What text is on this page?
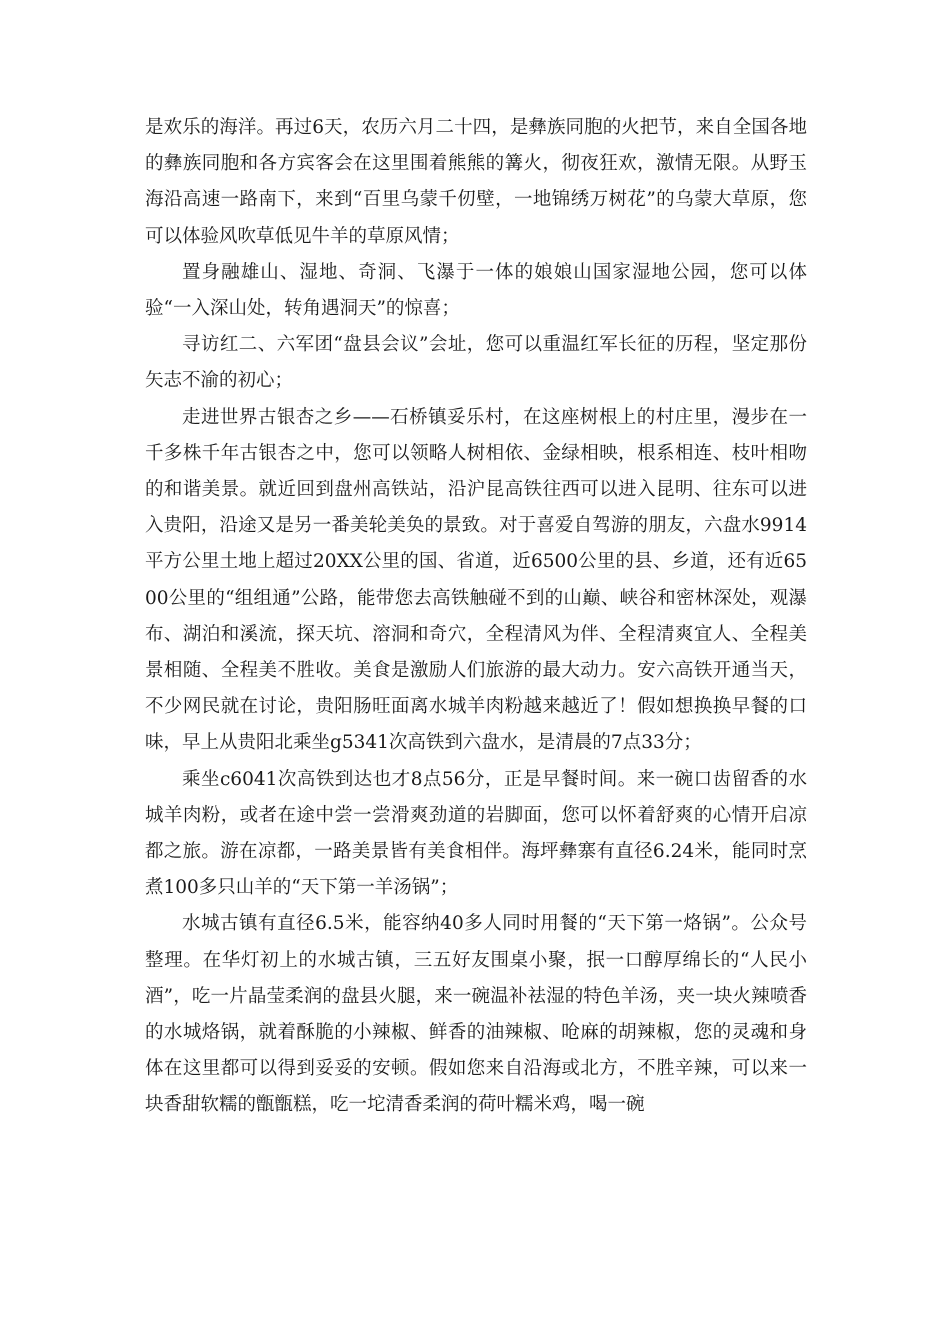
是欢乐的海洋。再过6天，农历六月二十四，是彝族同胞的火把节，来自全国各地的彝族同胞和各方宾客会在这里围着熊熊的篝火，彻夜狂欢，激情无限。从野玉海沿高速一路南下，来到“百里乌蒙千仞壁，一地锦绣万树花”的乌蒙大草原，您可以体验风吹草低见牛羊的草原风情；

置身融雄山、湿地、奇洞、飞瀑于一体的娘娘山国家湿地公园，您可以体验“一入深山处，转角遇洞天”的惊喜；

寻访红二、六军团“盘县会议”会址，您可以重温红军长征的历程，坚定那份矢志不渝的初心；

走进世界古银杏之乡——石桥镇妥乐村，在这座树根上的村庄里，漫步在一千多株千年古银杏之中，您可以领略人树相依、金绿相映，根系相连、枝叶相吻的和谐美景。就近回到盘州高铁站，沿沪昆高铁往西可以进入昆明、往东可以进入贵阳，沿途又是另一番美轮美奂的景致。对于喜爱自驾游的朋友，六盘水9914平方公里土地上超过20XX公里的国、省道，近6500公里的县、乡道，还有近6500公里的“组组通”公路，能带您去高铁触碰不到的山巅、峡谷和密林深处，观瀑布、湖泊和溪流，探天坑、溶洞和奇穴，全程清风为伴、全程清爽宜人、全程美景相随、全程美不胜收。美食是激励人们旅游的最大动力。安六高铁开通当天，不少网民就在讨论，贵阳肠旺面离水城羊肉粉越来越近了！假如想换换早餐的口味，早上从贵阳北乘坐g5341次高铁到六盘水，是清晨的7点33分；

乘坐c6041次高铁到达也才8点56分，正是早餐时间。来一碗口齿留香的水城羊肉粉，或者在途中尝一尝滑爽劲道的岩脚面，您可以怀着舒爽的心情开启凉都之旅。游在凉都，一路美景皆有美食相伴。海坪彝寨有直径6.24米，能同时烹煮100多只山羊的“天下第一羊汤锅”；

水城古镇有直径6.5米，能容纳40多人同时用餐的“天下第一烙锅”。公众号整理。在华灯初上的水城古镇，三五好友围桌小聚，抿一口醇厚绵长的“人民小酒”，吃一片晶莹柔润的盘县火腿，来一碗温补祛湿的特色羊汤，夹一块火辣喷香的水城烙锅，就着酥脆的小辣椒、鲜香的油辣椒、呛麻的胡辣椒，您的灵魂和身体在这里都可以得到妥妥的安顿。假如您来自沿海或北方，不胜辛辣，可以来一块香甜软糯的甑甑糕，吃一坨清香柔润的荷叶糯米鸡，喝一碗
